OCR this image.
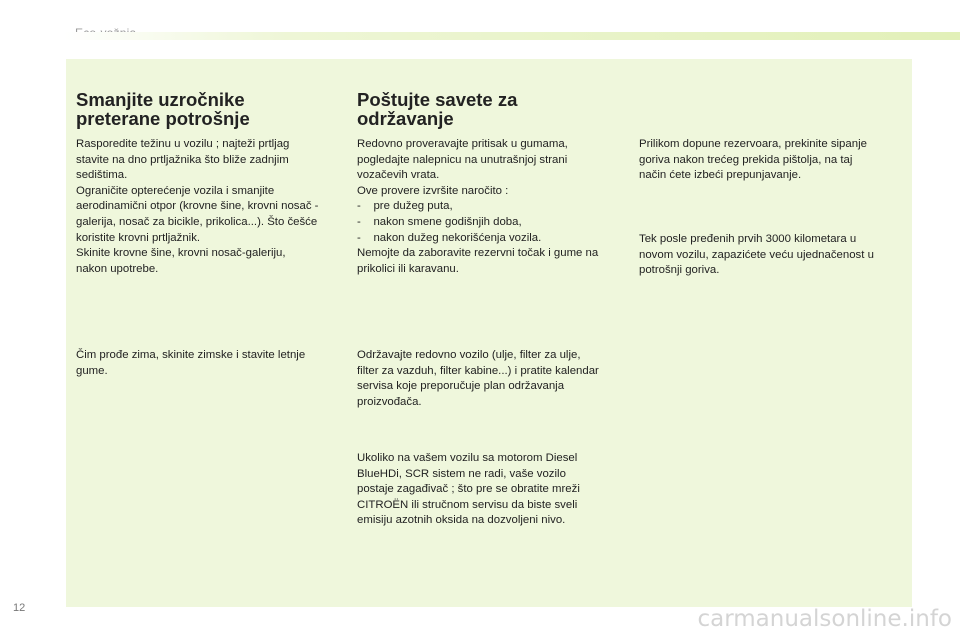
Smanjite uzročnike
preterane potrošnje

Rasporedite težinu u vozilu ; najteži prtljag

stavite na dno prtljažnika što bliže zadnjim

sedištima.

Ograničite opterećenje vozila i smanjite

aerodinamični otpor (krovne šine, krovni nosač -

galerija, nosač za bicikle, prikolica...). Što češće

koristite krovni prtljažnik.

Skinite krovne šine, krovni nosač-galeriju,

nakon upotrebe.

Čim prođe zima, skinite zimske i stavite letnje

gume.

Poštujte savete za
održavanje

Redovno proveravajte pritisak u gumama,

pogledajte nalepnicu na unutrašnjoj strani

vozačevih vrata.

Ove provere izvršite naročito :

-    pre dužeg puta,

-    nakon smene godišnjih doba,

-    nakon dužeg nekorišćenja vozila.

Nemojte da zaboravite rezervni točak i gume na

prikolici ili karavanu.

Održavajte redovno vozilo (ulje, filter za ulje,

filter za vazduh, filter kabine...) i pratite kalendar

servisa koje preporučuje plan održavanja

proizvođača.

Ukoliko na vašem vozilu sa motorom Diesel

BlueHDi, SCR sistem ne radi, vaše vozilo

postaje zagađivač ; što pre se obratite mreži

CITROËN ili stručnom servisu da biste sveli

emisiju azotnih oksida na dozvoljeni nivo.

Prilikom dopune rezervoara, prekinite sipanje

goriva nakon trećeg prekida pištolja, na taj

način ćete izbeći prepunjavanje.

Tek posle pređenih prvih 3000 kilometara u

novom vozilu, zapazićete veću ujednačenost u

potrošnji goriva.

12	carmanualsonline.info
